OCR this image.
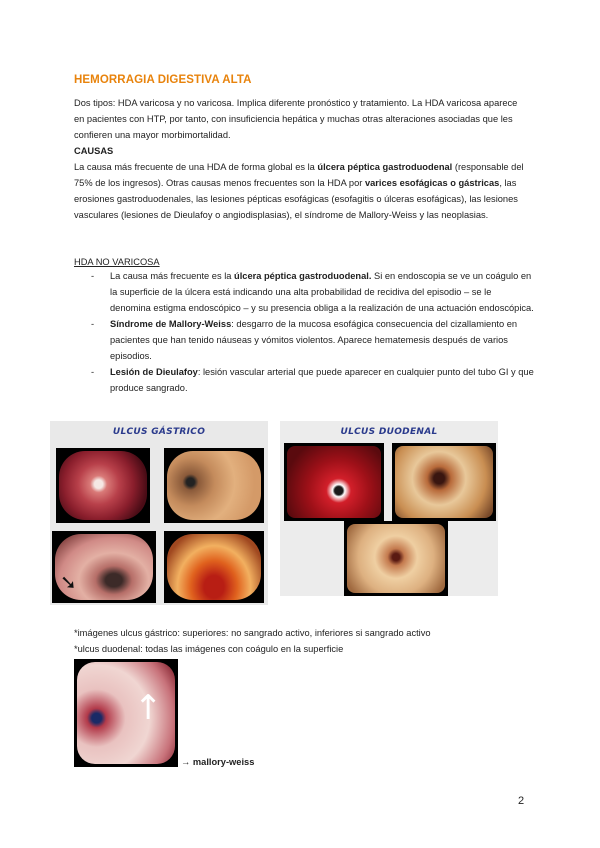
HEMORRAGIA DIGESTIVA ALTA
Dos tipos: HDA varicosa y no varicosa. Implica diferente pronóstico y tratamiento. La HDA varicosa aparece en pacientes con HTP, por tanto, con insuficiencia hepática y muchas otras alteraciones asociadas que les confieren una mayor morbimortalidad.
CAUSAS
La causa más frecuente de una HDA de forma global es la úlcera péptica gastroduodenal (responsable del 75% de los ingresos). Otras causas menos frecuentes son la HDA por varices esofágicas o gástricas, las erosiones gastroduodenales, las lesiones pépticas esofágicas (esofagitis o úlceras esofágicas), las lesiones vasculares (lesiones de Dieulafoy o angiodisplasias), el síndrome de Mallory-Weiss y las neoplasias.
HDA NO VARICOSA
- La causa más frecuente es la úlcera péptica gastroduodenal. Si en endoscopia se ve un coágulo en la superficie de la úlcera está indicando una alta probabilidad de recidiva del episodio – se le denomina estigma endoscópico – y su presencia obliga a la realización de una actuación endoscópica.
- Síndrome de Mallory-Weiss: desgarro de la mucosa esofágica consecuencia del cizallamiento en pacientes que han tenido náuseas y vómitos violentos. Aparece hematemesis después de varios episodios.
- Lesión de Dieulafoy: lesión vascular arterial que puede aparecer en cualquier punto del tubo GI y que produce sangrado.
ULCUS GÁSTRICO
➘
ULCUS DUODENAL
*imágenes ulcus gástrico: superiores: no sangrado activo, inferiores si sangrado activo
*ulcus duodenal: todas las imágenes con coágulo en la superficie
↑
→ mallory-weiss
2
